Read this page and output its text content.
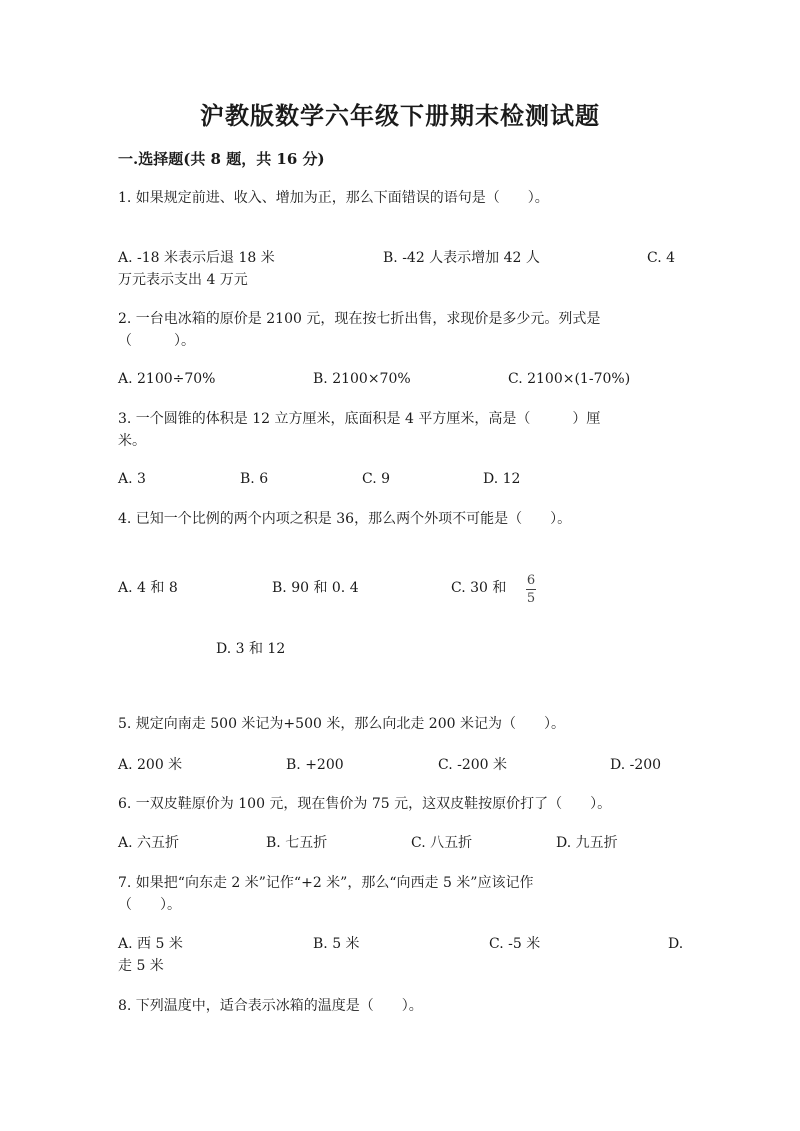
沪教版数学六年级下册期末检测试题
一.选择题(共 8 题，共 16 分)
1. 如果规定前进、收入、增加为正，那么下面错误的语句是（　　）。
A. -18 米表示后退 18 米	B. -42 人表示增加 42 人	C. 4
万元表示支出 4 万元
2. 一台电冰箱的原价是 2100 元，现在按七折出售，求现价是多少元。列式是
（　　　）。
A. 2100÷70%	B. 2100×70%	C. 2100×(1-70%)
3. 一个圆锥的体积是 12 立方厘米，底面积是 4 平方厘米，高是（　　　）厘
米。
A. 3	B. 6	C. 9	D. 12
4. 已知一个比例的两个内项之积是 36，那么两个外项不可能是（　　）。
A. 4 和 8	B. 90 和 0. 4	C. 30 和 6
5
D. 3 和 12
5. 规定向南走 500 米记为+500 米，那么向北走 200 米记为（　　）。
A. 200 米	B. +200	C. -200 米	D. -200
6. 一双皮鞋原价为 100 元，现在售价为 75 元，这双皮鞋按原价打了（　　）。
A. 六五折	B. 七五折	C. 八五折	D. 九五折
7. 如果把“向东走 2 米”记作“+2 米”，那么“向西走 5 米”应该记作
（　　）。
A. 西 5 米	B. 5 米	C. -5 米	D.
走 5 米
8. 下列温度中，适合表示冰箱的温度是（　　）。
